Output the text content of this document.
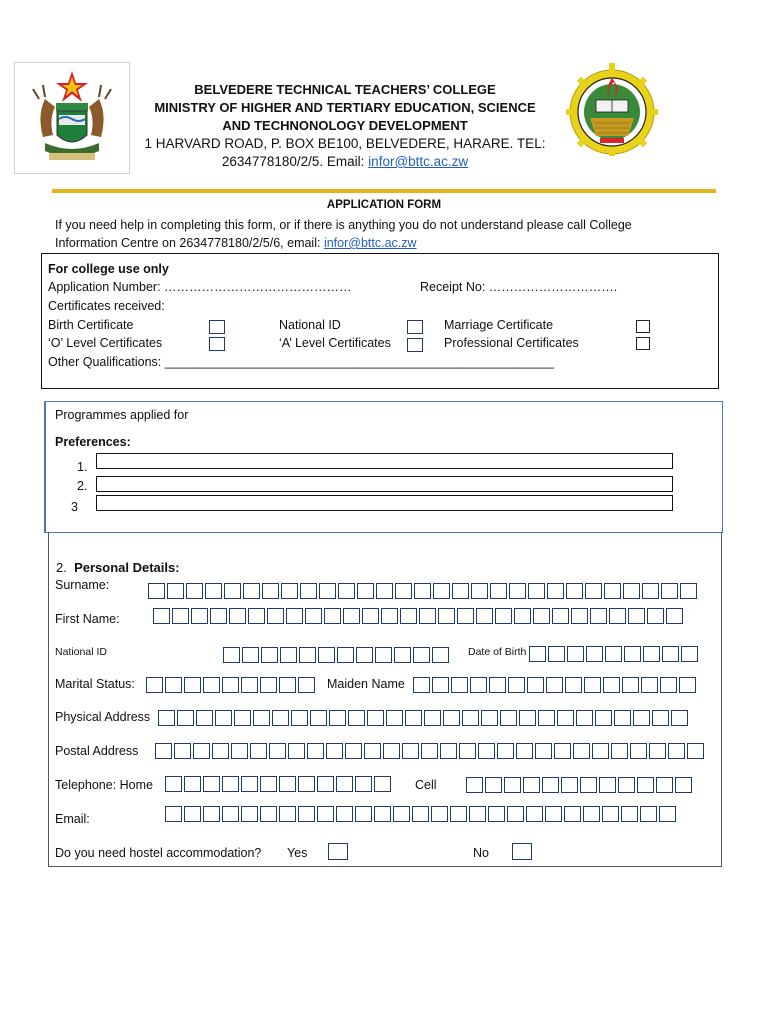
BELVEDERE TECHNICAL TEACHERS’ COLLEGE
MINISTRY OF HIGHER AND TERTIARY EDUCATION, SCIENCE
AND TECHNONOLOGY DEVELOPMENT
1 HARVARD ROAD, P. BOX BE100, BELVEDERE, HARARE. TEL:
2634778180/2/5. Email: infor@bttc.ac.zw
APPLICATION FORM
If you need help in completing this form, or if there is anything you do not understand please call College
Information Centre on 2634778180/2/5/6, email: infor@bttc.ac.zw
For college use only
Application Number: ………………………………………	Receipt No: ………………………….
Certificates received:
Birth Certificate	National ID	Marriage Certificate
‘O’ Level Certificates	‘A’ Level Certificates	Professional Certificates
Other Qualifications: ________________________________________________________
Programmes applied for
Preferences:
1.
2.
3
2. Personal Details:
Surname:
First Name:
National ID	Date of Birth
Marital Status:	Maiden Name
Physical Address
Postal Address
Telephone: Home	Cell
Email:
Do you need hostel accommodation? Yes	No
